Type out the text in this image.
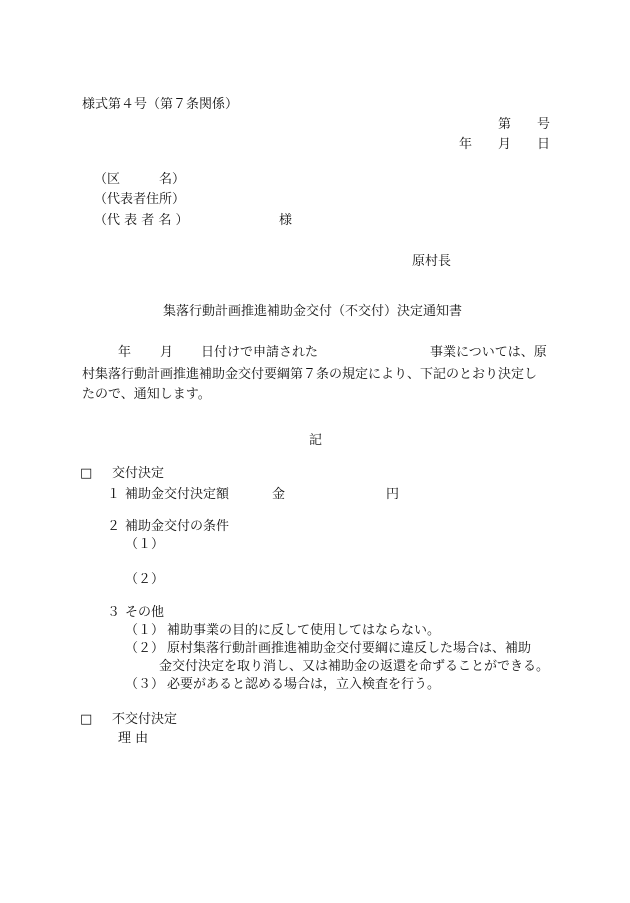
様式第４号（第７条関係）
第　　号
年　　月　　日
（区　　　名）
（代表者住所）
（代 表 者 名 ）	様
原村長
集落行動計画推進補助金交付（不交付）決定通知書
年 月 日付けで申請された	事業については、原
村集落行動計画推進補助金交付要綱第７条の規定により、下記のとおり決定し
たので、通知します。
記
□ 交付決定
１ 補助金交付決定額	金	円
２ 補助金交付の条件
（１）
（２）
３ その他
（１） 補助事業の目的に反して使用してはならない。
（２） 原村集落行動計画推進補助金交付要綱に違反した場合は、補助
金交付決定を取り消し、又は補助金の返還を命ずることができる。
（３） 必要があると認める場合は，立入検査を行う。
□ 不交付決定
理 由
